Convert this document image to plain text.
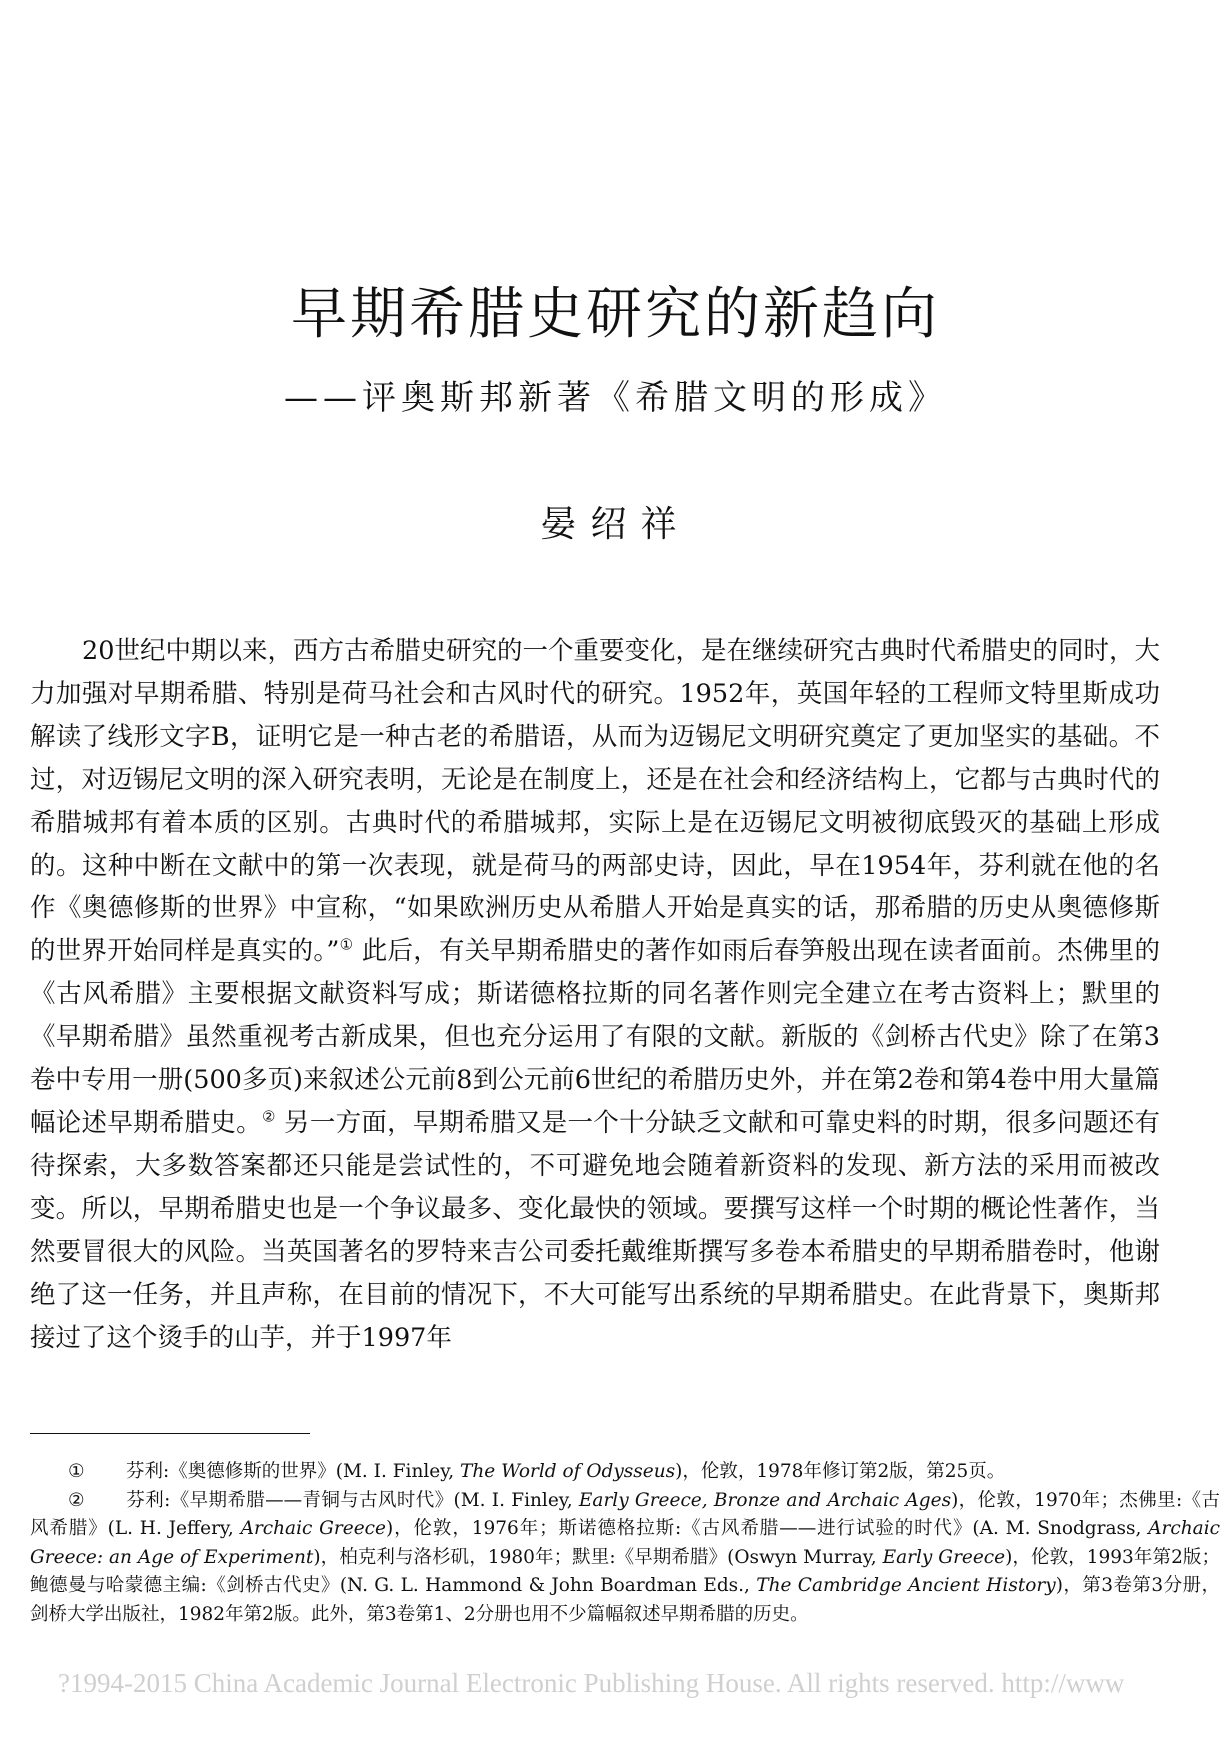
早期希腊史研究的新趋向
——评奥斯邦新著《希腊文明的形成》
晏绍祥

20世纪中期以来，西方古希腊史研究的一个重要变化，是在继续研究古典时代希腊史的同时，大力加强对早期希腊、特别是荷马社会和古风时代的研究。1952年，英国年轻的工程师文特里斯成功解读了线形文字B，证明它是一种古老的希腊语，从而为迈锡尼文明研究奠定了更加坚实的基础。不过，对迈锡尼文明的深入研究表明，无论是在制度上，还是在社会和经济结构上，它都与古典时代的希腊城邦有着本质的区别。古典时代的希腊城邦，实际上是在迈锡尼文明被彻底毁灭的基础上形成的。这种中断在文献中的第一次表现，就是荷马的两部史诗，因此，早在1954年，芬利就在他的名作《奥德修斯的世界》中宣称，“如果欧洲历史从希腊人开始是真实的话，那希腊的历史从奥德修斯的世界开始同样是真实的。”① 此后，有关早期希腊史的著作如雨后春笋般出现在读者面前。杰佛里的《古风希腊》主要根据文献资料写成；斯诺德格拉斯的同名著作则完全建立在考古资料上；默里的《早期希腊》虽然重视考古新成果，但也充分运用了有限的文献。新版的《剑桥古代史》除了在第3卷中专用一册(500多页)来叙述公元前8到公元前6世纪的希腊历史外，并在第2卷和第4卷中用大量篇幅论述早期希腊史。② 另一方面，早期希腊又是一个十分缺乏文献和可靠史料的时期，很多问题还有待探索，大多数答案都还只能是尝试性的，不可避免地会随着新资料的发现、新方法的采用而被改变。所以，早期希腊史也是一个争议最多、变化最快的领域。要撰写这样一个时期的概论性著作，当然要冒很大的风险。当英国著名的罗特来吉公司委托戴维斯撰写多卷本希腊史的早期希腊卷时，他谢绝了这一任务，并且声称，在目前的情况下，不大可能写出系统的早期希腊史。在此背景下，奥斯邦接过了这个烫手的山芋，并于1997年

① 芬利:《奥德修斯的世界》(M. I. Finley, The World of Odysseus)，伦敦，1978年修订第2版，第25页。

② 芬利:《早期希腊——青铜与古风时代》(M. I. Finley, Early Greece, Bronze and Archaic Ages)，伦敦，1970年；杰佛里:《古风希腊》(L. H. Jeffery, Archaic Greece)，伦敦，1976年；斯诺德格拉斯:《古风希腊——进行试验的时代》(A. M. Snodgrass, Archaic Greece: an Age of Experiment)，柏克利与洛杉矶，1980年；默里:《早期希腊》(Oswyn Murray, Early Greece)，伦敦，1993年第2版；鲍德曼与哈蒙德主编:《剑桥古代史》(N. G. L. Hammond & John Boardman Eds., The Cambridge Ancient History)，第3卷第3分册，剑桥大学出版社，1982年第2版。此外，第3卷第1、2分册也用不少篇幅叙述早期希腊的历史。

?1994-2015 China Academic Journal Electronic Publishing House. All rights reserved. http://www
